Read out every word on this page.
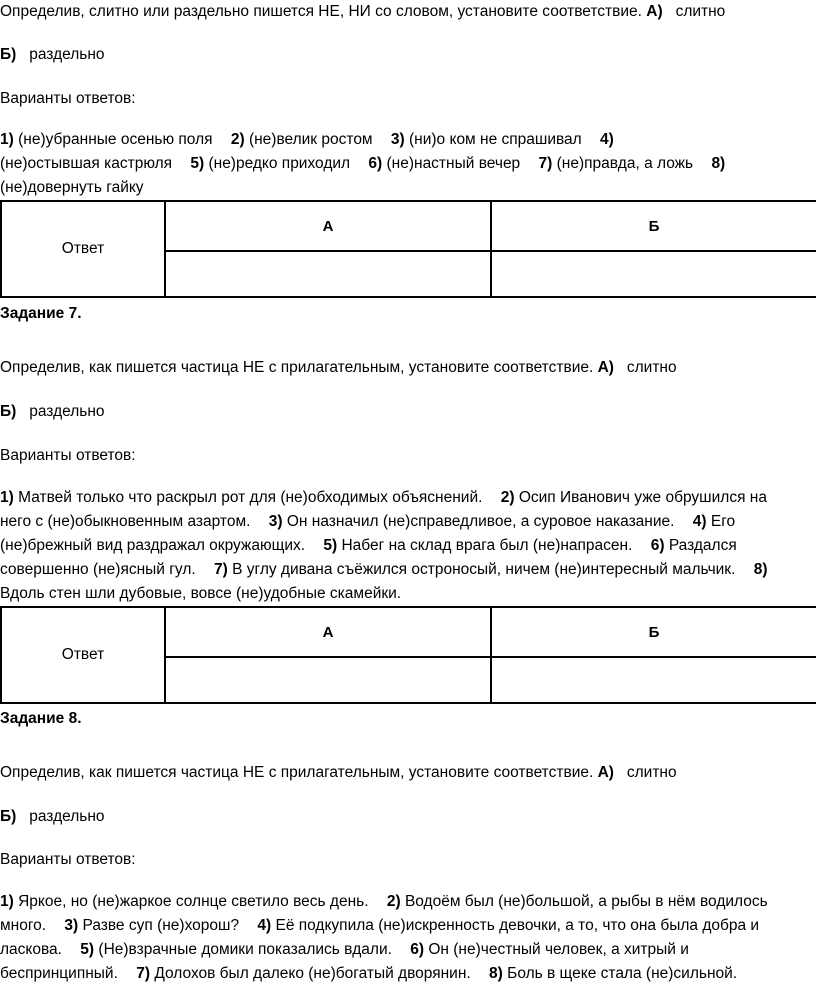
Определив, слитно или раздельно пишется НЕ, НИ со словом, установите соответствие. А) слитно
Б) раздельно
Варианты ответов:
1) (не)убранные осенью поля 2) (не)велик ростом 3) (ни)о ком не спрашивал 4)
(не)остывшая кастрюля 5) (не)редко приходил 6) (не)настный вечер 7) (не)правда, а ложь 8)
(не)довернуть гайку
Ответ	А	Б

Задание 7.
Определив, как пишется частица НЕ с прилагательным, установите соответствие. А) слитно
Б) раздельно
Варианты ответов:
1) Матвей только что раскрыл рот для (не)обходимых объяснений. 2) Осип Иванович уже обрушился на
него с (не)обыкновенным азартом. 3) Он назначил (не)справедливое, а суровое наказание. 4) Его
(не)брежный вид раздражал окружающих. 5) Набег на склад врага был (не)напрасен. 6) Раздался
совершенно (не)ясный гул. 7) В углу дивана съёжился остроносый, ничем (не)интересный мальчик. 8)
Вдоль стен шли дубовые, вовсе (не)удобные скамейки.
Ответ	А	Б

Задание 8.
Определив, как пишется частица НЕ с прилагательным, установите соответствие. А) слитно
Б) раздельно
Варианты ответов:
1) Яркое, но (не)жаркое солнце светило весь день. 2) Водоём был (не)большой, а рыбы в нём водилось
много. 3) Разве суп (не)хорош? 4) Её подкупила (не)искренность девочки, а то, что она была добра и
ласкова. 5) (Не)взрачные домики показались вдали. 6) Он (не)честный человек, а хитрый и
беспринципный. 7) Долохов был далеко (не)богатый дворянин. 8) Боль в щеке стала (не)сильной.
